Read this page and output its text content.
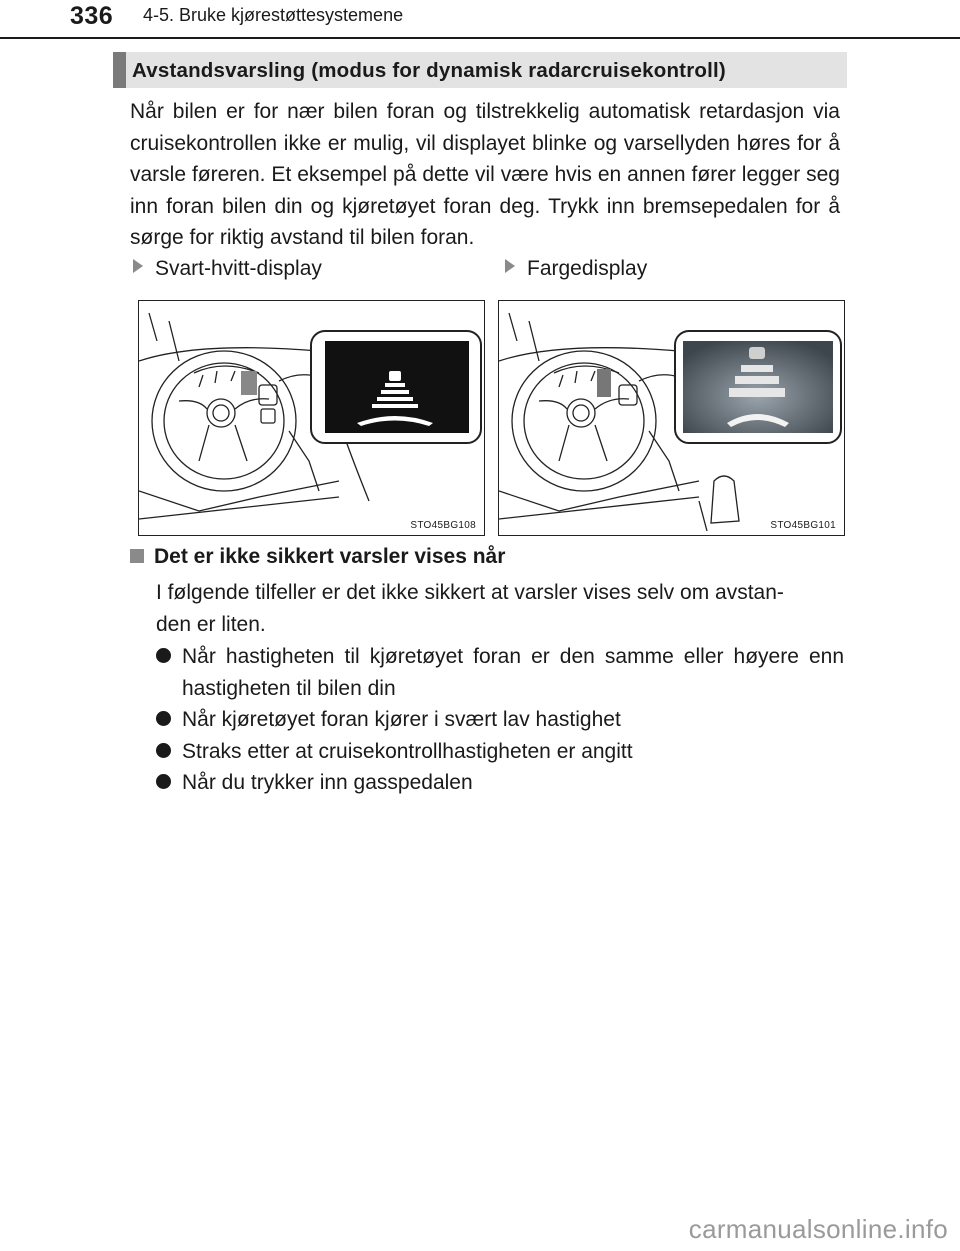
336 4-5. Bruke kjørestøttesystemene
Avstandsvarsling (modus for dynamisk radarcruisekontroll)
Når bilen er for nær bilen foran og tilstrekkelig automatisk retardasjon via cruisekontrollen ikke er mulig, vil displayet blinke og varsellyden høres for å varsle føreren. Et eksempel på dette vil være hvis en annen fører legger seg inn foran bilen din og kjøretøyet foran deg. Trykk inn bremsepedalen for å sørge for riktig avstand til bilen foran.
Svart-hvitt-display	Fargedisplay
STO45BG108	STO45BG101
Det er ikke sikkert varsler vises når
I følgende tilfeller er det ikke sikkert at varsler vises selv om avstan-
den er liten.
Når hastigheten til kjøretøyet foran er den samme eller høyere enn hastigheten til bilen din
Når kjøretøyet foran kjører i svært lav hastighet
Straks etter at cruisekontrollhastigheten er angitt
Når du trykker inn gasspedalen
carmanualsonline.info
